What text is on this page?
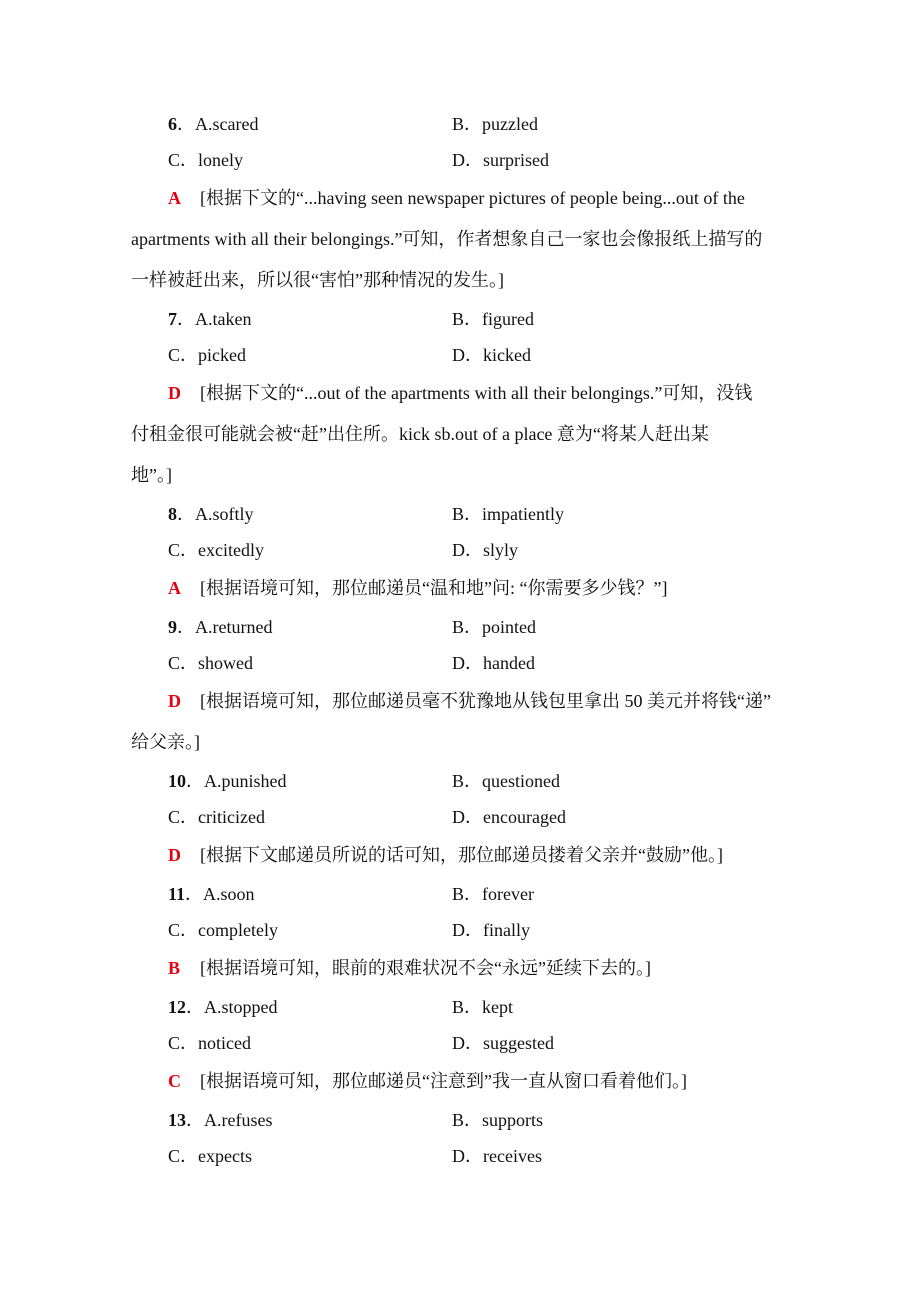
6．A.scared	B．puzzled
C．lonely	D．surprised
A [根据下文的“...having seen newspaper pictures of people being...out of the
apartments with all their belongings.”可知，作者想象自己一家也会像报纸上描写的
一样被赶出来，所以很“害怕”那种情况的发生。]
7．A.taken	B．figured
C．picked	D．kicked
D [根据下文的“...out of the apartments with all their belongings.”可知，没钱
付租金很可能就会被“赶”出住所。kick sb.out of a place 意为“将某人赶出某
地”。]
8．A.softly	B．impatiently
C．excitedly	D．slyly
A [根据语境可知，那位邮递员“温和地”问: “你需要多少钱？”]
9．A.returned	B．pointed
C．showed	D．handed
D [根据语境可知，那位邮递员毫不犹豫地从钱包里拿出 50 美元并将钱“递”
给父亲。]
10．A.punished	B．questioned
C．criticized	D．encouraged
D [根据下文邮递员所说的话可知，那位邮递员搂着父亲并“鼓励”他。]
11．A.soon	B．forever
C．completely	D．finally
B [根据语境可知，眼前的艰难状况不会“永远”延续下去的。]
12．A.stopped	B．kept
C．noticed	D．suggested
C [根据语境可知，那位邮递员“注意到”我一直从窗口看着他们。]
13．A.refuses	B．supports
C．expects	D．receives
